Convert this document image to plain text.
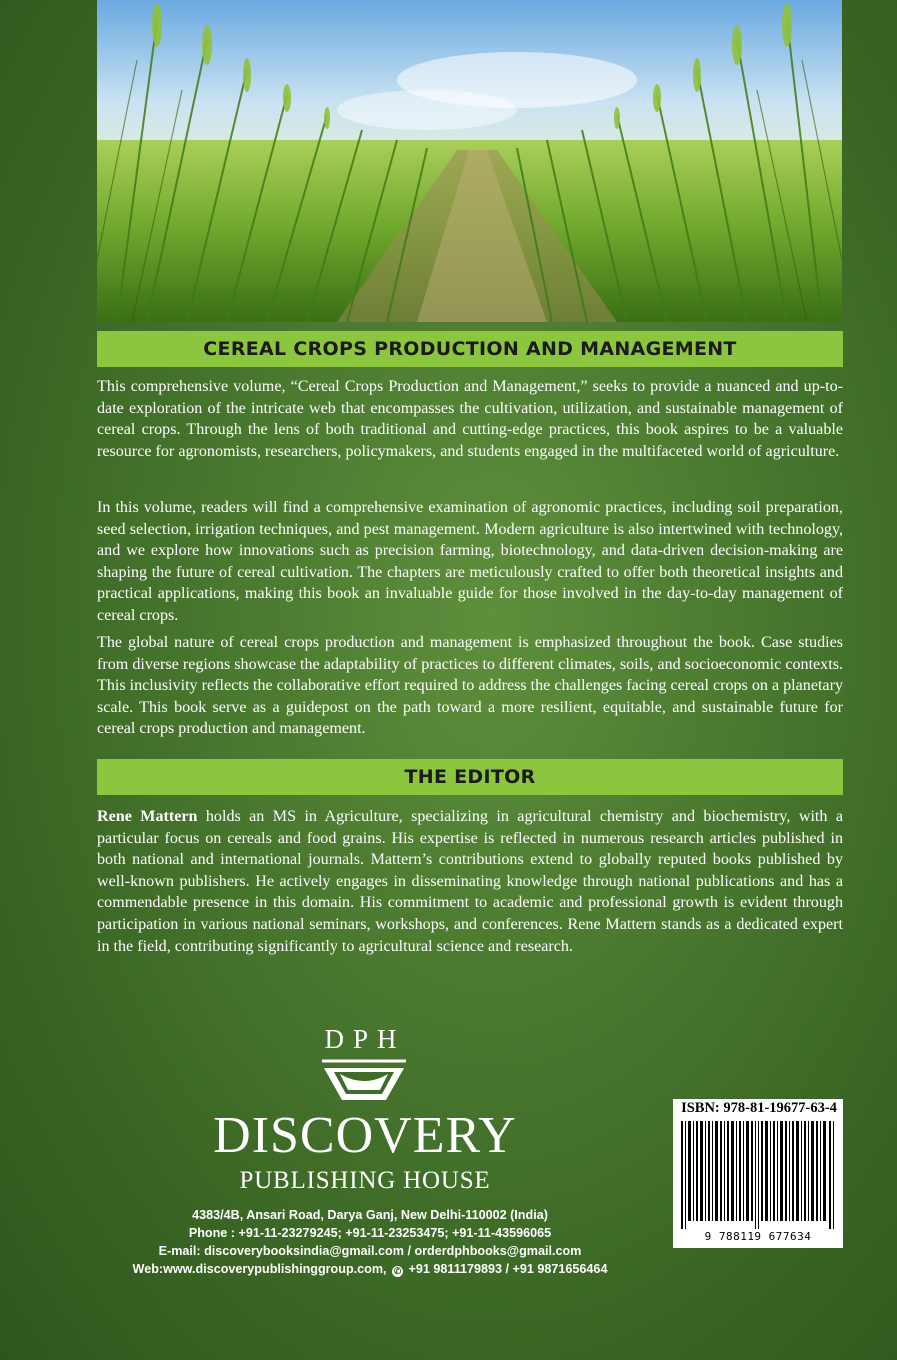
CEREAL CROPS PRODUCTION AND MANAGEMENT

This comprehensive volume, “Cereal Crops Production and Management,” seeks to provide a nuanced and up-to-date exploration of the intricate web that encompasses the cultivation, utilization, and sustainable management of cereal crops. Through the lens of both traditional and cutting-edge practices, this book aspires to be a valuable resource for agronomists, researchers, policymakers, and students engaged in the multifaceted world of agriculture.

In this volume, readers will find a comprehensive examination of agronomic practices, including soil preparation, seed selection, irrigation techniques, and pest management. Modern agriculture is also intertwined with technology, and we explore how innovations such as precision farming, biotechnology, and data-driven decision-making are shaping the future of cereal cultivation. The chapters are meticulously crafted to offer both theoretical insights and practical applications, making this book an invaluable guide for those involved in the day-to-day management of cereal crops.

The global nature of cereal crops production and management is emphasized throughout the book. Case studies from diverse regions showcase the adaptability of practices to different climates, soils, and socioeconomic contexts. This inclusivity reflects the collaborative effort required to address the challenges facing cereal crops on a planetary scale. This book serve as a guidepost on the path toward a more resilient, equitable, and sustainable future for cereal crops production and management.

THE EDITOR

Rene Mattern holds an MS in Agriculture, specializing in agricultural chemistry and biochemistry, with a particular focus on cereals and food grains. His expertise is reflected in numerous research articles published in both national and international journals. Mattern’s contributions extend to globally reputed books published by well-known publishers. He actively engages in disseminating knowledge through national publications and has a commendable presence in this domain. His commitment to academic and professional growth is evident through participation in various national seminars, workshops, and conferences. Rene Mattern stands as a dedicated expert in the field, contributing significantly to agricultural science and research.

DPH
DISCOVERY
PUBLISHING HOUSE
4383/4B, Ansari Road, Darya Ganj, New Delhi-110002 (India)
Phone : +91-11-23279245; +91-11-23253475; +91-11-43596065
E-mail: discoverybooksindia@gmail.com / orderdphbooks@gmail.com
Web:www.discoverypublishinggroup.com, ✆ +91 9811179893 / +91 9871656464
ISBN: 978-81-19677-63-4
9 788119 677634
